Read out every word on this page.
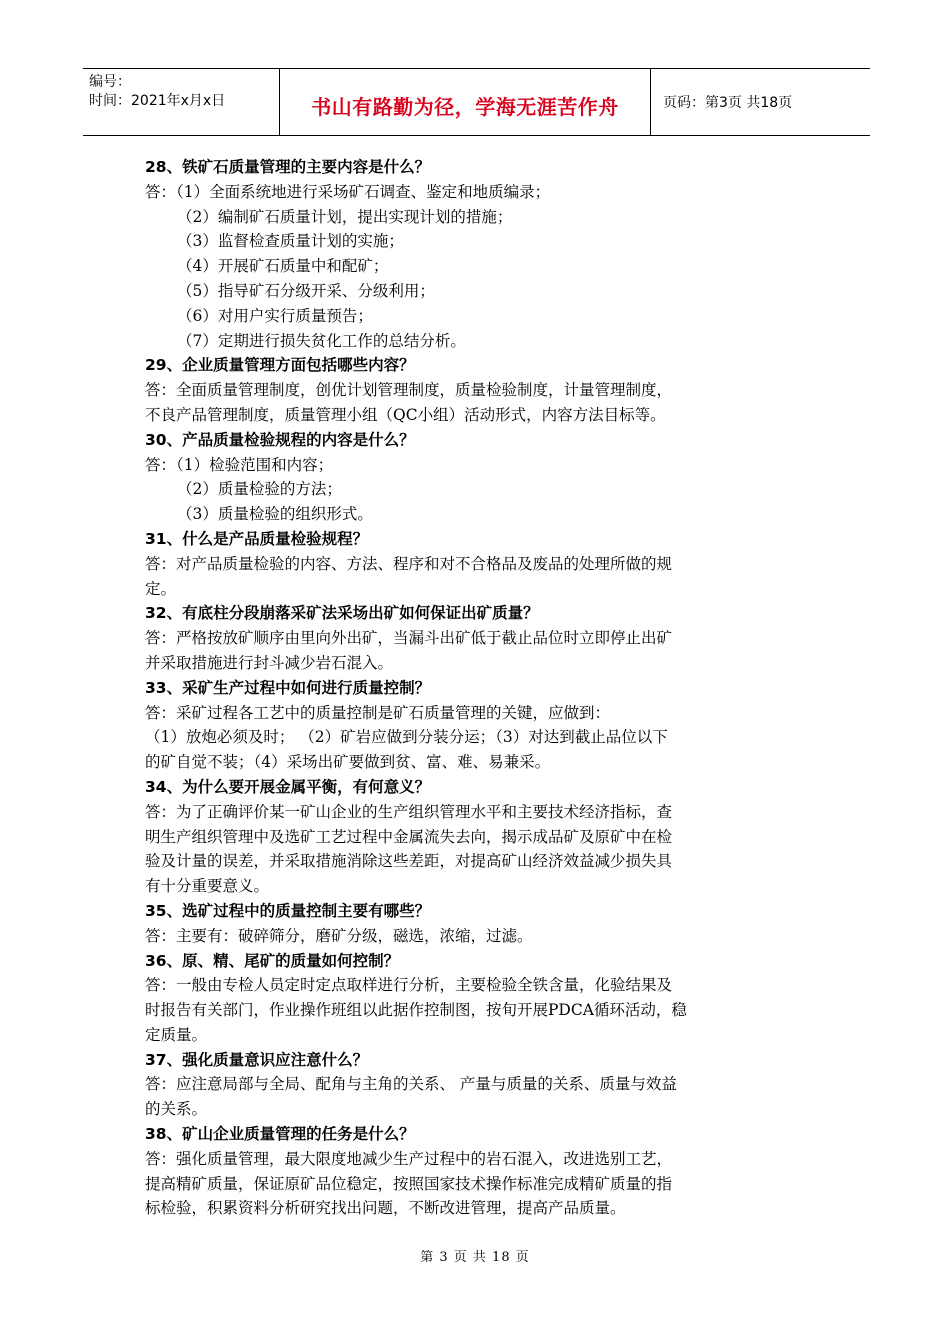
编号：
时间：2021年x月x日	书山有路勤为径，学海无涯苦作舟	页码：第3页 共18页
28、铁矿石质量管理的主要内容是什么？
答：（1）全面系统地进行采场矿石调查、鉴定和地质编录；
（2）编制矿石质量计划，提出实现计划的措施；
（3）监督检查质量计划的实施；
（4）开展矿石质量中和配矿；
（5）指导矿石分级开采、分级利用；
（6）对用户实行质量预告；
（7）定期进行损失贫化工作的总结分析。
29、企业质量管理方面包括哪些内容？
答：全面质量管理制度，创优计划管理制度，质量检验制度，计量管理制度，
不良产品管理制度，质量管理小组（QC小组）活动形式，内容方法目标等。
30、产品质量检验规程的内容是什么？
答：（1）检验范围和内容；
（2）质量检验的方法；
（3）质量检验的组织形式。
31、什么是产品质量检验规程？
答：对产品质量检验的内容、方法、程序和对不合格品及废品的处理所做的规
定。
32、有底柱分段崩落采矿法采场出矿如何保证出矿质量？
答：严格按放矿顺序由里向外出矿，当漏斗出矿低于截止品位时立即停止出矿
并采取措施进行封斗减少岩石混入。
33、采矿生产过程中如何进行质量控制？
答：采矿过程各工艺中的质量控制是矿石质量管理的关键，应做到：
（1）放炮必须及时； （2）矿岩应做到分装分运；（3）对达到截止品位以下
的矿自觉不装；（4）采场出矿要做到贫、富、难、易兼采。
34、为什么要开展金属平衡，有何意义？
答：为了正确评价某一矿山企业的生产组织管理水平和主要技术经济指标，查
明生产组织管理中及选矿工艺过程中金属流失去向，揭示成品矿及原矿中在检
验及计量的误差，并采取措施消除这些差距，对提高矿山经济效益减少损失具
有十分重要意义。
35、选矿过程中的质量控制主要有哪些？
答：主要有：破碎筛分，磨矿分级，磁选，浓缩，过滤。
36、原、精、尾矿的质量如何控制？
答：一般由专检人员定时定点取样进行分析，主要检验全铁含量，化验结果及
时报告有关部门，作业操作班组以此据作控制图，按旬开展PDCA循环活动，稳
定质量。
37、强化质量意识应注意什么？
答：应注意局部与全局、配角与主角的关系、 产量与质量的关系、质量与效益
的关系。
38、矿山企业质量管理的任务是什么？
答：强化质量管理，最大限度地减少生产过程中的岩石混入，改进选别工艺，
提高精矿质量，保证原矿品位稳定，按照国家技术操作标准完成精矿质量的指
标检验，积累资料分析研究找出问题，不断改进管理，提高产品质量。
第 3 页 共 18 页
